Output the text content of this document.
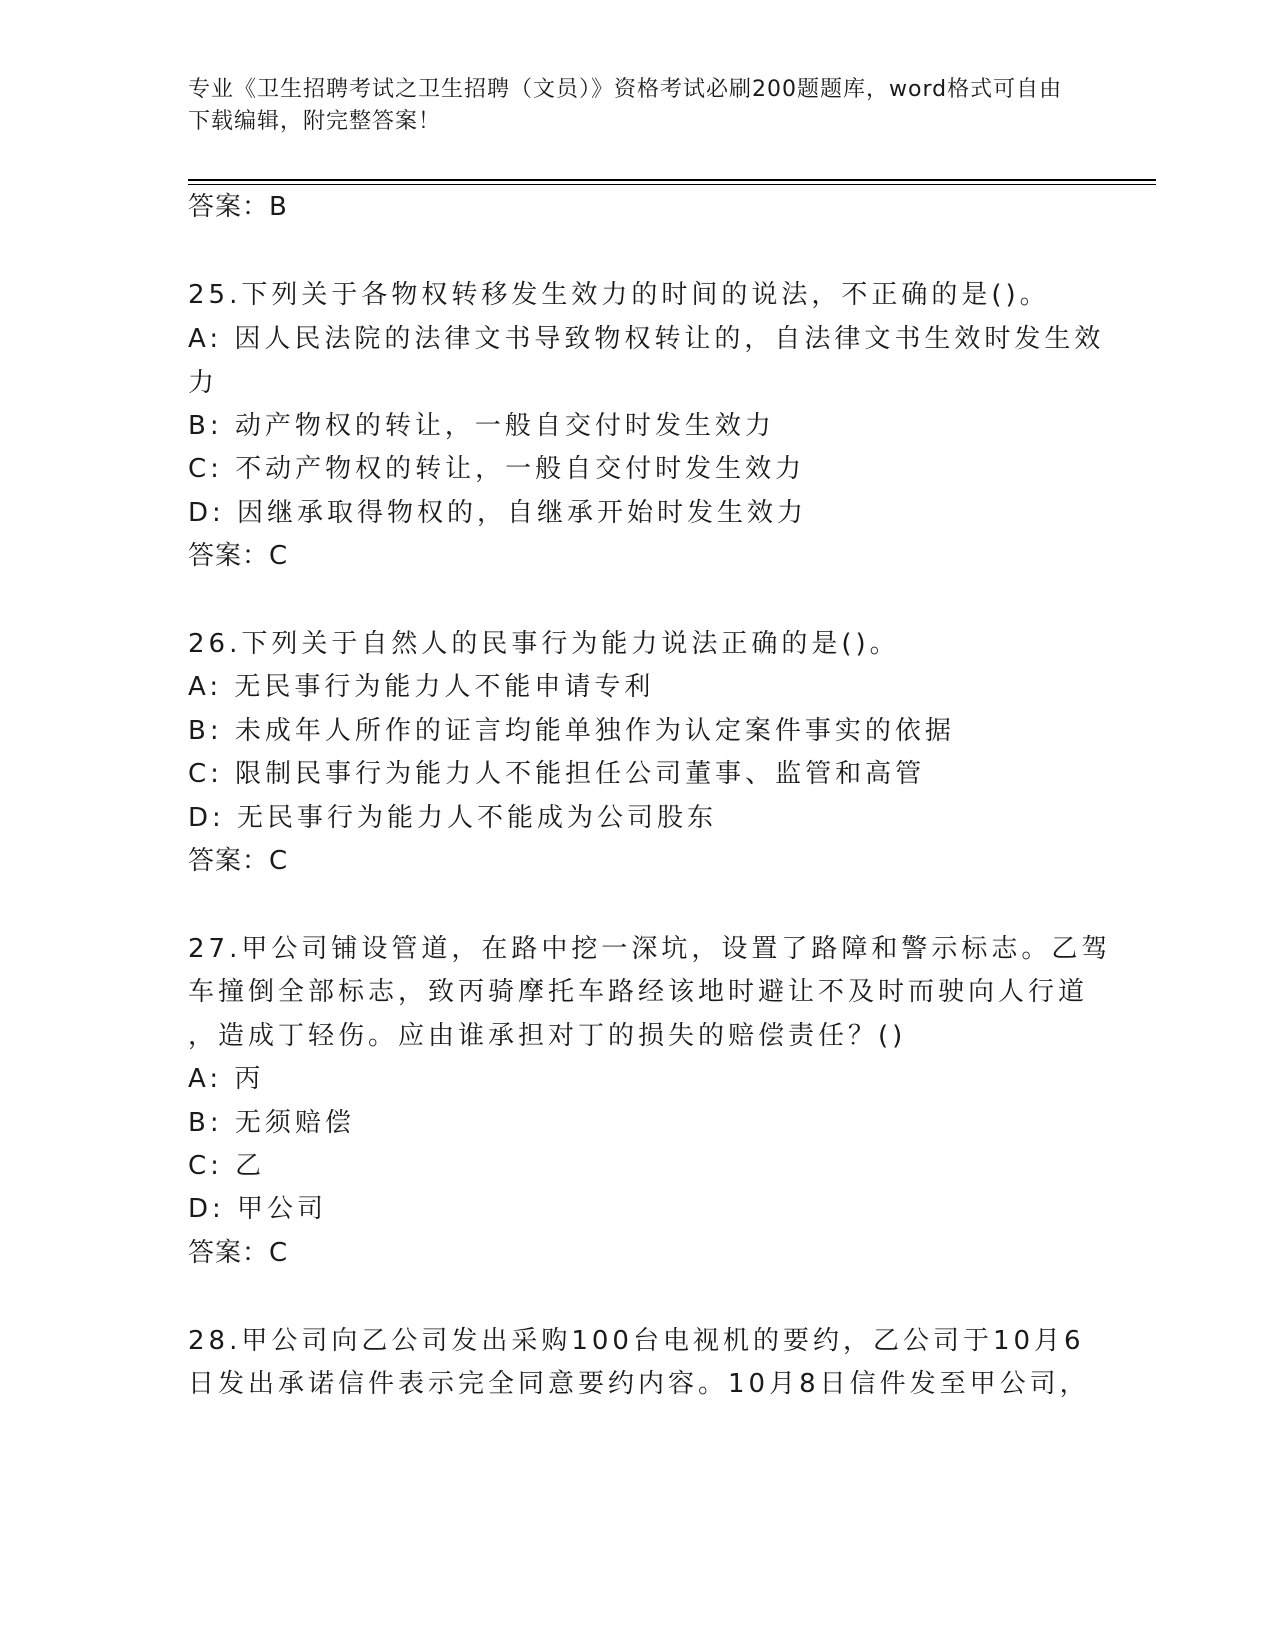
专业《卫生招聘考试之卫生招聘（文员）》资格考试必刷200题题库，word格式可自由下载编辑，附完整答案！
答案：B
25.下列关于各物权转移发生效力的时间的说法，不正确的是()。
A: 因人民法院的法律文书导致物权转让的，自法律文书生效时发生效
力
B: 动产物权的转让，一般自交付时发生效力
C: 不动产物权的转让，一般自交付时发生效力
D: 因继承取得物权的，自继承开始时发生效力
答案：C
26.下列关于自然人的民事行为能力说法正确的是()。
A: 无民事行为能力人不能申请专利
B: 未成年人所作的证言均能单独作为认定案件事实的依据
C: 限制民事行为能力人不能担任公司董事、监管和高管
D: 无民事行为能力人不能成为公司股东
答案：C
27.甲公司铺设管道，在路中挖一深坑，设置了路障和警示标志。乙驾
车撞倒全部标志，致丙骑摩托车路经该地时避让不及时而驶向人行道
，造成丁轻伤。应由谁承担对丁的损失的赔偿责任？()
A: 丙
B: 无须赔偿
C: 乙
D: 甲公司
答案：C
28.甲公司向乙公司发出采购100台电视机的要约，乙公司于10月6
日发出承诺信件表示完全同意要约内容。10月8日信件发至甲公司，
